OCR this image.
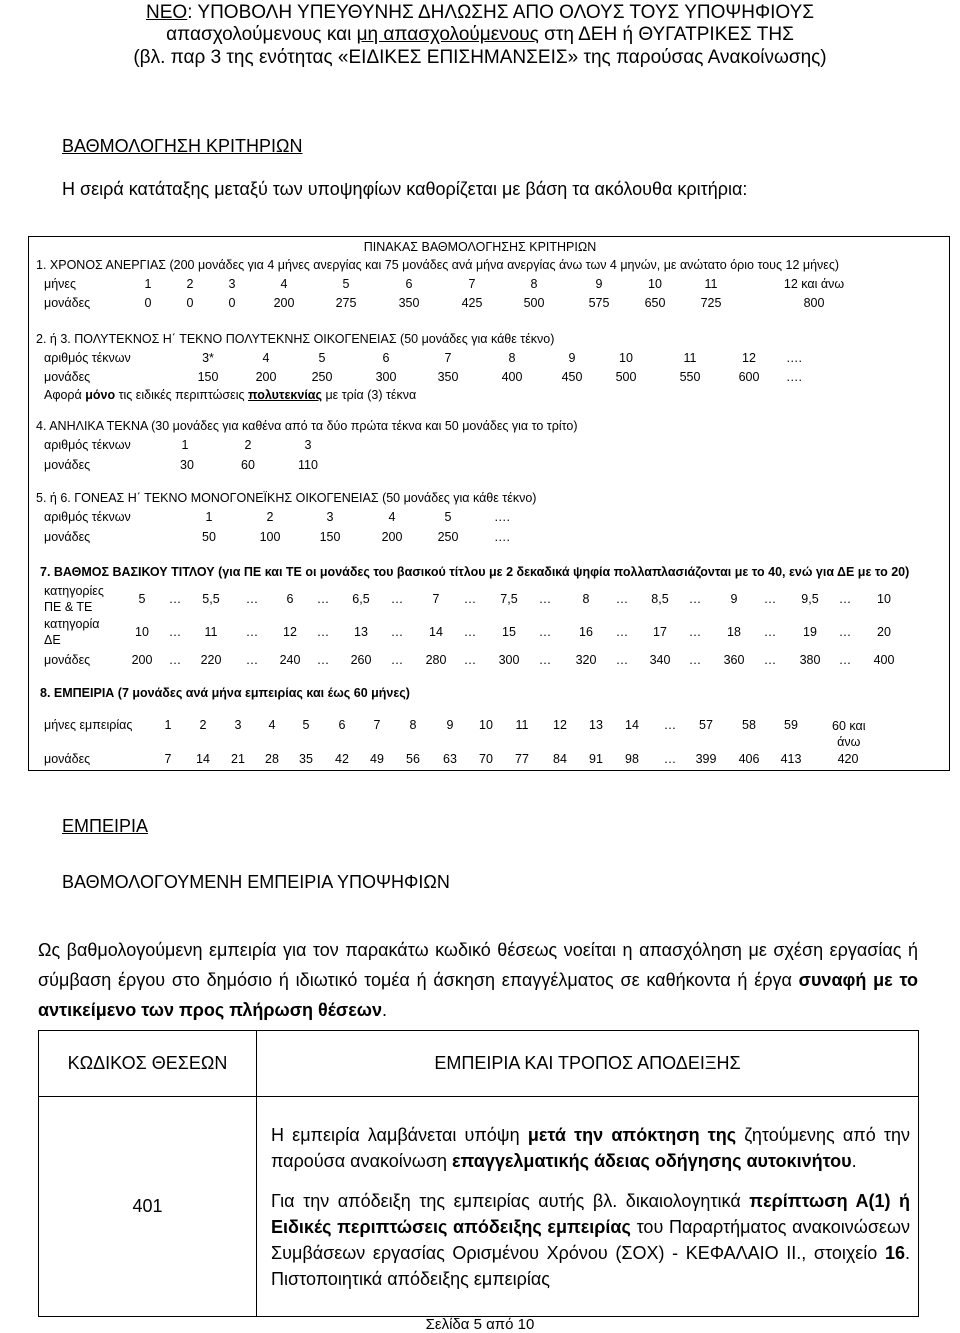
ΝΕΟ: ΥΠΟΒΟΛΗ ΥΠΕΥΘΥΝΗΣ ΔΗΛΩΣΗΣ ΑΠΟ ΟΛΟΥΣ ΤΟΥΣ ΥΠΟΨΗΦΙΟΥΣ
απασχολούμενους και μη απασχολούμενους στη ΔΕΗ ή ΘΥΓΑΤΡΙΚΕΣ ΤΗΣ
(βλ. παρ 3 της ενότητας «ΕΙΔΙΚΕΣ ΕΠΙΣΗΜΑΝΣΕΙΣ» της παρούσας Ανακοίνωσης)
ΒΑΘΜΟΛΟΓΗΣΗ ΚΡΙΤΗΡΙΩΝ
Η σειρά κατάταξης μεταξύ των υποψηφίων καθορίζεται με βάση τα ακόλουθα κριτήρια:
ΠΙΝΑΚΑΣ ΒΑΘΜΟΛΟΓΗΣΗΣ ΚΡΙΤΗΡΙΩΝ
1. ΧΡΟΝΟΣ ΑΝΕΡΓΙΑΣ (200 μονάδες για 4 μήνες ανεργίας και 75 μονάδες ανά μήνα ανεργίας άνω των 4 μηνών, με ανώτατο όριο τους 12 μήνες)
μήνες	1	2	3	4	5	6	7	8	9	10	11	12 και άνω
μονάδες	0	0	0	200	275	350	425	500	575	650	725	800
2. ή 3. ΠΟΛΥΤΕΚΝΟΣ Η΄ ΤΕΚΝΟ ΠΟΛΥΤΕΚΝΗΣ ΟΙΚΟΓΕΝΕΙΑΣ (50 μονάδες για κάθε τέκνο)
αριθμός τέκνων	3*	4	5	6	7	8	9	10	11	12 ….
μονάδες	150	200	250	300	350	400	450	500	550	600 ….
Αφορά μόνο τις ειδικές περιπτώσεις πολυτεκνίας με τρία (3) τέκνα
4. ΑΝΗΛΙΚΑ ΤΕΚΝΑ (30 μονάδες για καθένα από τα δύο πρώτα τέκνα και 50 μονάδες για το τρίτο)
αριθμός τέκνων	1	2	3
μονάδες	30	60	110
5. ή 6. ΓΟΝΕΑΣ Η΄ ΤΕΚΝΟ ΜΟΝΟΓΟΝΕΪΚΗΣ ΟΙΚΟΓΕΝΕΙΑΣ (50 μονάδες για κάθε τέκνο)
αριθμός τέκνων	1	2	3	4	5	….
μονάδες	50	100	150	200	250	….
7. ΒΑΘΜΟΣ ΒΑΣΙΚΟΥ ΤΙΤΛΟΥ (για ΠΕ και ΤΕ οι μονάδες του βασικού τίτλου με 2 δεκαδικά ψηφία πολλαπλασιάζονται με το 40, ενώ για ΔΕ με το 20)
κατηγορίες
ΠΕ & ΤΕ
5 … 5,5 … 6 … 6,5 … 7 … 7,5 …	8 … 8,5 … 9 … 9,5 … 10
κατηγορία
ΔΕ
10 … 11 … 12 … 13 … 14 … 15 … 16 … 17 … 18 … 19 … 20
μονάδες	200 … 220 … 240 … 260 … 280 … 300 … 320 … 340 … 360 … 380 … 400
8. ΕΜΠΕΙΡΙΑ (7 μονάδες ανά μήνα εμπειρίας και έως 60 μήνες)
μήνες εμπειρίας	1 2 3 4 5 6 7 8 9 10 11 12 13 14 … 57 58 59	60 και
άνω
μονάδες	7 14 21 28 35 42 49 56 63 70 77 84 91 98 … 399 406 413	420
ΕΜΠΕΙΡΙΑ
ΒΑΘΜΟΛΟΓΟΥΜΕΝΗ ΕΜΠΕΙΡΙΑ ΥΠΟΨΗΦΙΩΝ
Ως βαθμολογούμενη εμπειρία για τον παρακάτω κωδικό θέσεως νοείται η απασχόληση με σχέση εργασίας ή σύμβαση έργου στο δημόσιο ή ιδιωτικό τομέα ή άσκηση επαγγέλματος σε καθήκοντα ή έργα συναφή με το αντικείμενο των προς πλήρωση θέσεων.
ΚΩΔΙΚΟΣ ΘΕΣΕΩΝ	ΕΜΠΕΙΡΙΑ ΚΑΙ ΤΡΟΠΟΣ ΑΠΟΔΕΙΞΗΣ
401	Η εμπειρία λαμβάνεται υπόψη μετά την απόκτηση της ζητούμενης από την παρούσα ανακοίνωση επαγγελματικής άδειας οδήγησης αυτοκινήτου.
Για την απόδειξη της εμπειρίας αυτής βλ. δικαιολογητικά περίπτωση Α(1) ή Ειδικές περιπτώσεις απόδειξης εμπειρίας του Παραρτήματος ανακοινώσεων Συμβάσεων εργασίας Ορισμένου Χρόνου (ΣΟΧ) - ΚΕΦΑΛΑΙΟ ΙΙ., στοιχείο 16. Πιστοποιητικά απόδειξης εμπειρίας
Σελίδα 5 από 10
